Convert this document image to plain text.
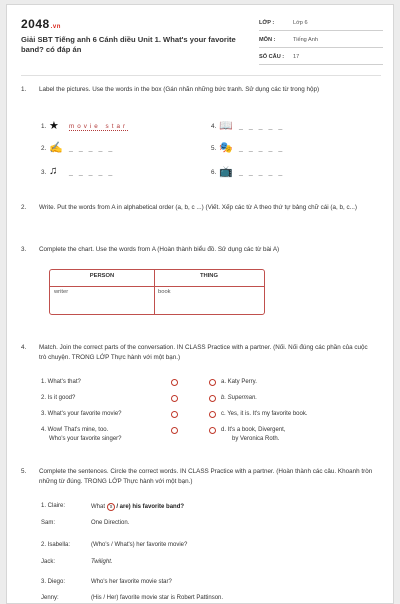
2048.vn
Giải SBT Tiếng anh 6 Cánh diều Unit 1. What's your favorite band? có đáp án
LỚP :	Lớp 6
MÔN :	Tiếng Anh
SỐ CÂU : 17
1. Label the pictures. Use the words in the box (Gán nhãn những bức tranh. Sử dụng các từ trong hộp)
1. ★ movie star
2. ✍ _ _ _ _ _
3. ♫ _ _ _ _ _
4. 📖 _ _ _ _ _
5. 🎭 _ _ _ _ _
6. 📺 _ _ _ _ _
2. Write. Put the words from A in alphabetical order (a, b, c ...) (Viết. Xếp các từ A theo thứ tự bảng chữ cái (a, b, c...)
3. Complete the chart. Use the words from A (Hoàn thành biểu đồ. Sử dụng các từ bài A)
PERSON	THING
writer	book
4. Match. Join the correct parts of the conversation. IN CLASS Practice with a partner. (Nối. Nối đúng các phần của cuộc trò chuyện. TRONG LỚP Thực hành với một bạn.)
1. What's that?
2. Is it good?
3. What's your favorite movie?
4. Wow! That's mine, too.
Who's your favorite singer?
a. Katy Perry.
b. Superman.
c. Yes, it is. It's my favorite book.
d. It's a book, Divergent,
by Veronica Roth.
5. Complete the sentences. Circle the correct words. IN CLASS Practice with a partner. (Hoàn thành các câu. Khoanh tròn những từ đúng. TRONG LỚP Thực hành với một bạn.)
1. Claire:	What 's / are) his favorite band?
Sam:	One Direction.
2. Isabella:	(Who's / What's) her favorite movie?
Jack:	Twilight.
3. Diego:	Who's her favorite movie star?
Jenny:	(His / Her) favorite movie star is Robert Pattinson.
